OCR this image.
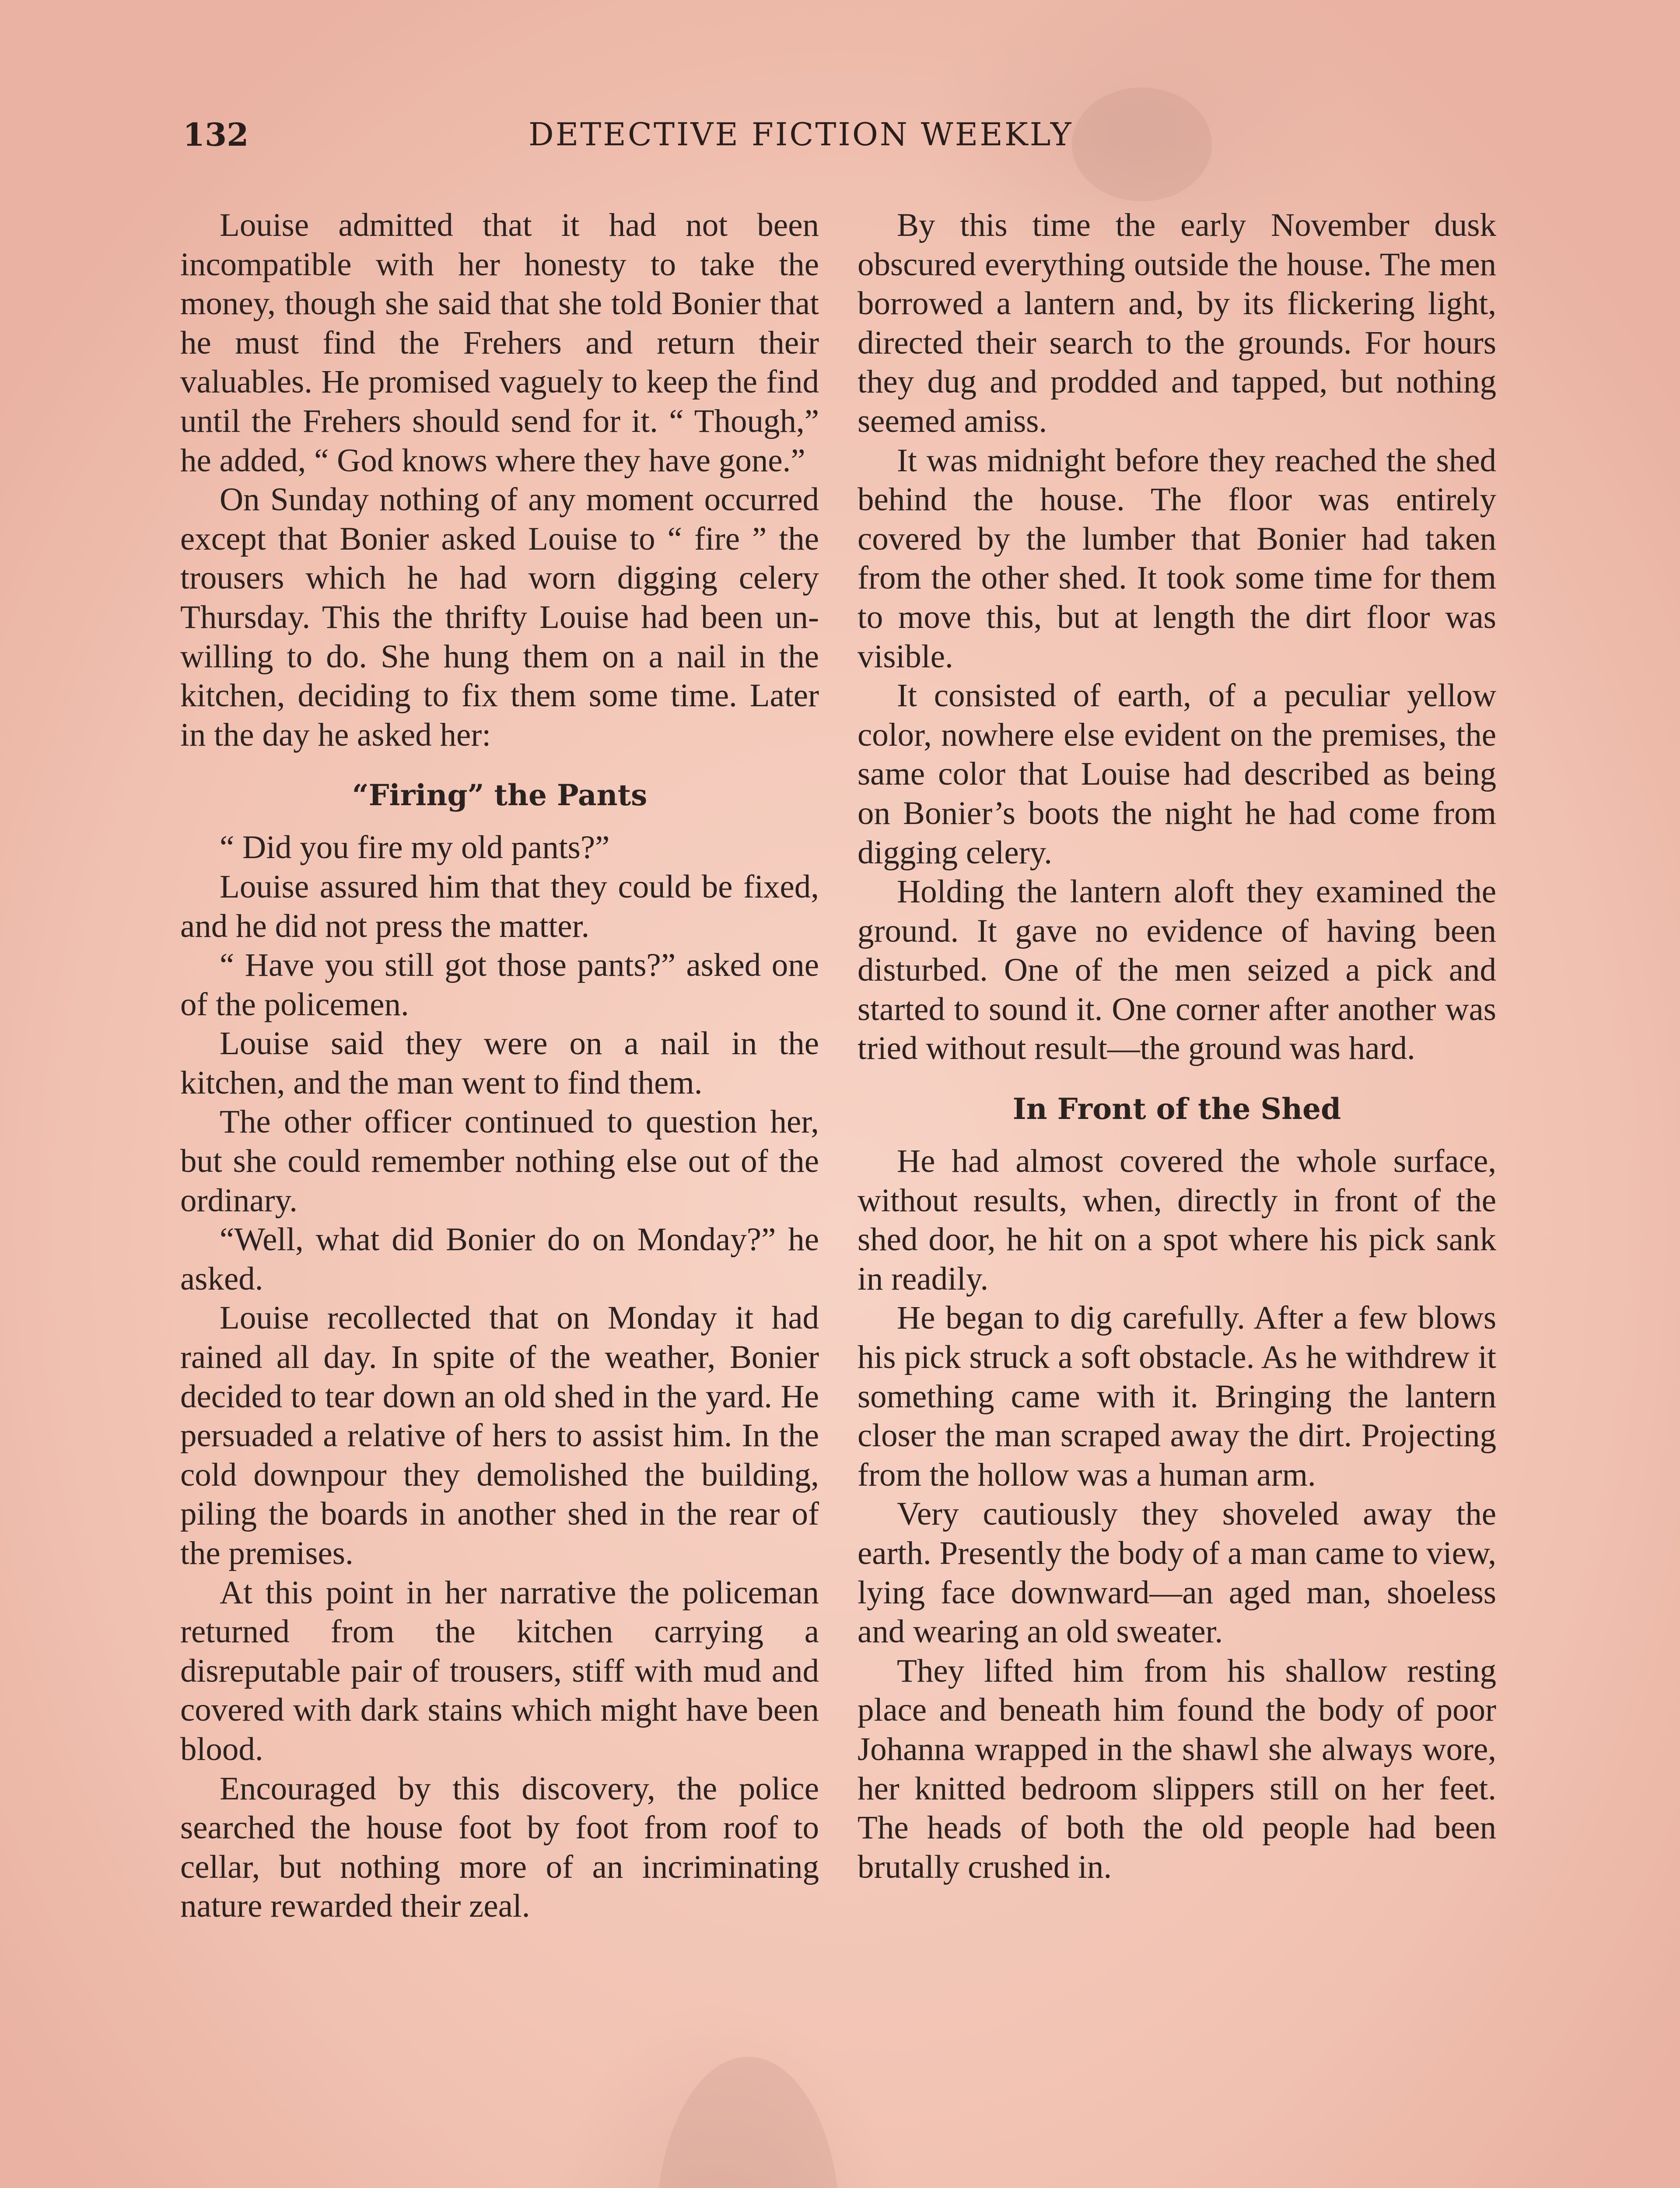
132	DETECTIVE FICTION WEEKLY

Louise admitted that it had not been incompatible with her honesty to take the money, though she said that she told Bonier that he must find the Frehers and return their valuables. He promised vaguely to keep the find until the Frehers should send for it. “ Though,” he added, “ God knows where they have gone.”

On Sunday nothing of any moment occurred except that Bonier asked Louise to “ fire ” the trousers which he had worn digging celery Thursday. This the thrifty Louise had been unwilling to do. She hung them on a nail in the kitchen, deciding to fix them some time. Later in the day he asked her:

“Firing” the Pants

“ Did you fire my old pants?”

Louise assured him that they could be fixed, and he did not press the matter.

“ Have you still got those pants?” asked one of the policemen.

Louise said they were on a nail in the kitchen, and the man went to find them.

The other officer continued to question her, but she could remember nothing else out of the ordinary.

“Well, what did Bonier do on Monday?” he asked.

Louise recollected that on Monday it had rained all day. In spite of the weather, Bonier decided to tear down an old shed in the yard. He persuaded a relative of hers to assist him. In the cold downpour they demolished the building, piling the boards in another shed in the rear of the premises.

At this point in her narrative the policeman returned from the kitchen carrying a disreputable pair of trousers, stiff with mud and covered with dark stains which might have been blood.

Encouraged by this discovery, the police searched the house foot by foot from roof to cellar, but nothing more of an incriminating nature rewarded their zeal.

By this time the early November dusk obscured everything outside the house. The men borrowed a lantern and, by its flickering light, directed their search to the grounds. For hours they dug and prodded and tapped, but nothing seemed amiss.

It was midnight before they reached the shed behind the house. The floor was entirely covered by the lumber that Bonier had taken from the other shed. It took some time for them to move this, but at length the dirt floor was visible.

It consisted of earth, of a peculiar yellow color, nowhere else evident on the premises, the same color that Louise had described as being on Bonier’s boots the night he had come from digging celery.

Holding the lantern aloft they examined the ground. It gave no evidence of having been disturbed. One of the men seized a pick and started to sound it. One corner after another was tried without result—the ground was hard.

In Front of the Shed

He had almost covered the whole surface, without results, when, directly in front of the shed door, he hit on a spot where his pick sank in readily.

He began to dig carefully. After a few blows his pick struck a soft obstacle. As he withdrew it something came with it. Bringing the lantern closer the man scraped away the dirt. Projecting from the hollow was a human arm.

Very cautiously they shoveled away the earth. Presently the body of a man came to view, lying face downward—an aged man, shoeless and wearing an old sweater.

They lifted him from his shallow resting place and beneath him found the body of poor Johanna wrapped in the shawl she always wore, her knitted bedroom slippers still on her feet. The heads of both the old people had been brutally crushed in.
